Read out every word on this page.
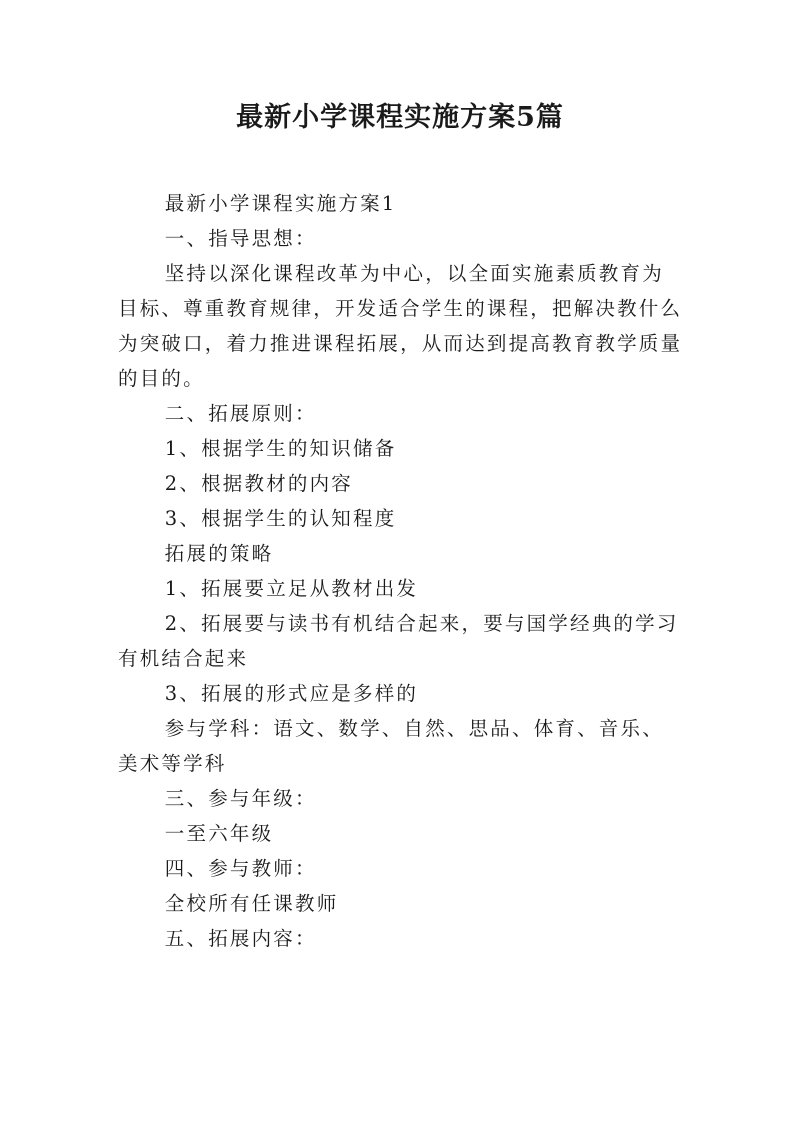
最新小学课程实施方案5篇

最新小学课程实施方案1

一、指导思想：

坚持以深化课程改革为中心，以全面实施素质教育为目标、尊重教育规律，开发适合学生的课程，把解决教什么为突破口，着力推进课程拓展，从而达到提高教育教学质量的目的。

二、拓展原则：

1、根据学生的知识储备

2、根据教材的内容

3、根据学生的认知程度

拓展的策略

1、拓展要立足从教材出发

2、拓展要与读书有机结合起来，要与国学经典的学习有机结合起来

3、拓展的形式应是多样的

参与学科：语文、数学、自然、思品、体育、音乐、美术等学科

三、参与年级：

一至六年级

四、参与教师：

全校所有任课教师

五、拓展内容：
